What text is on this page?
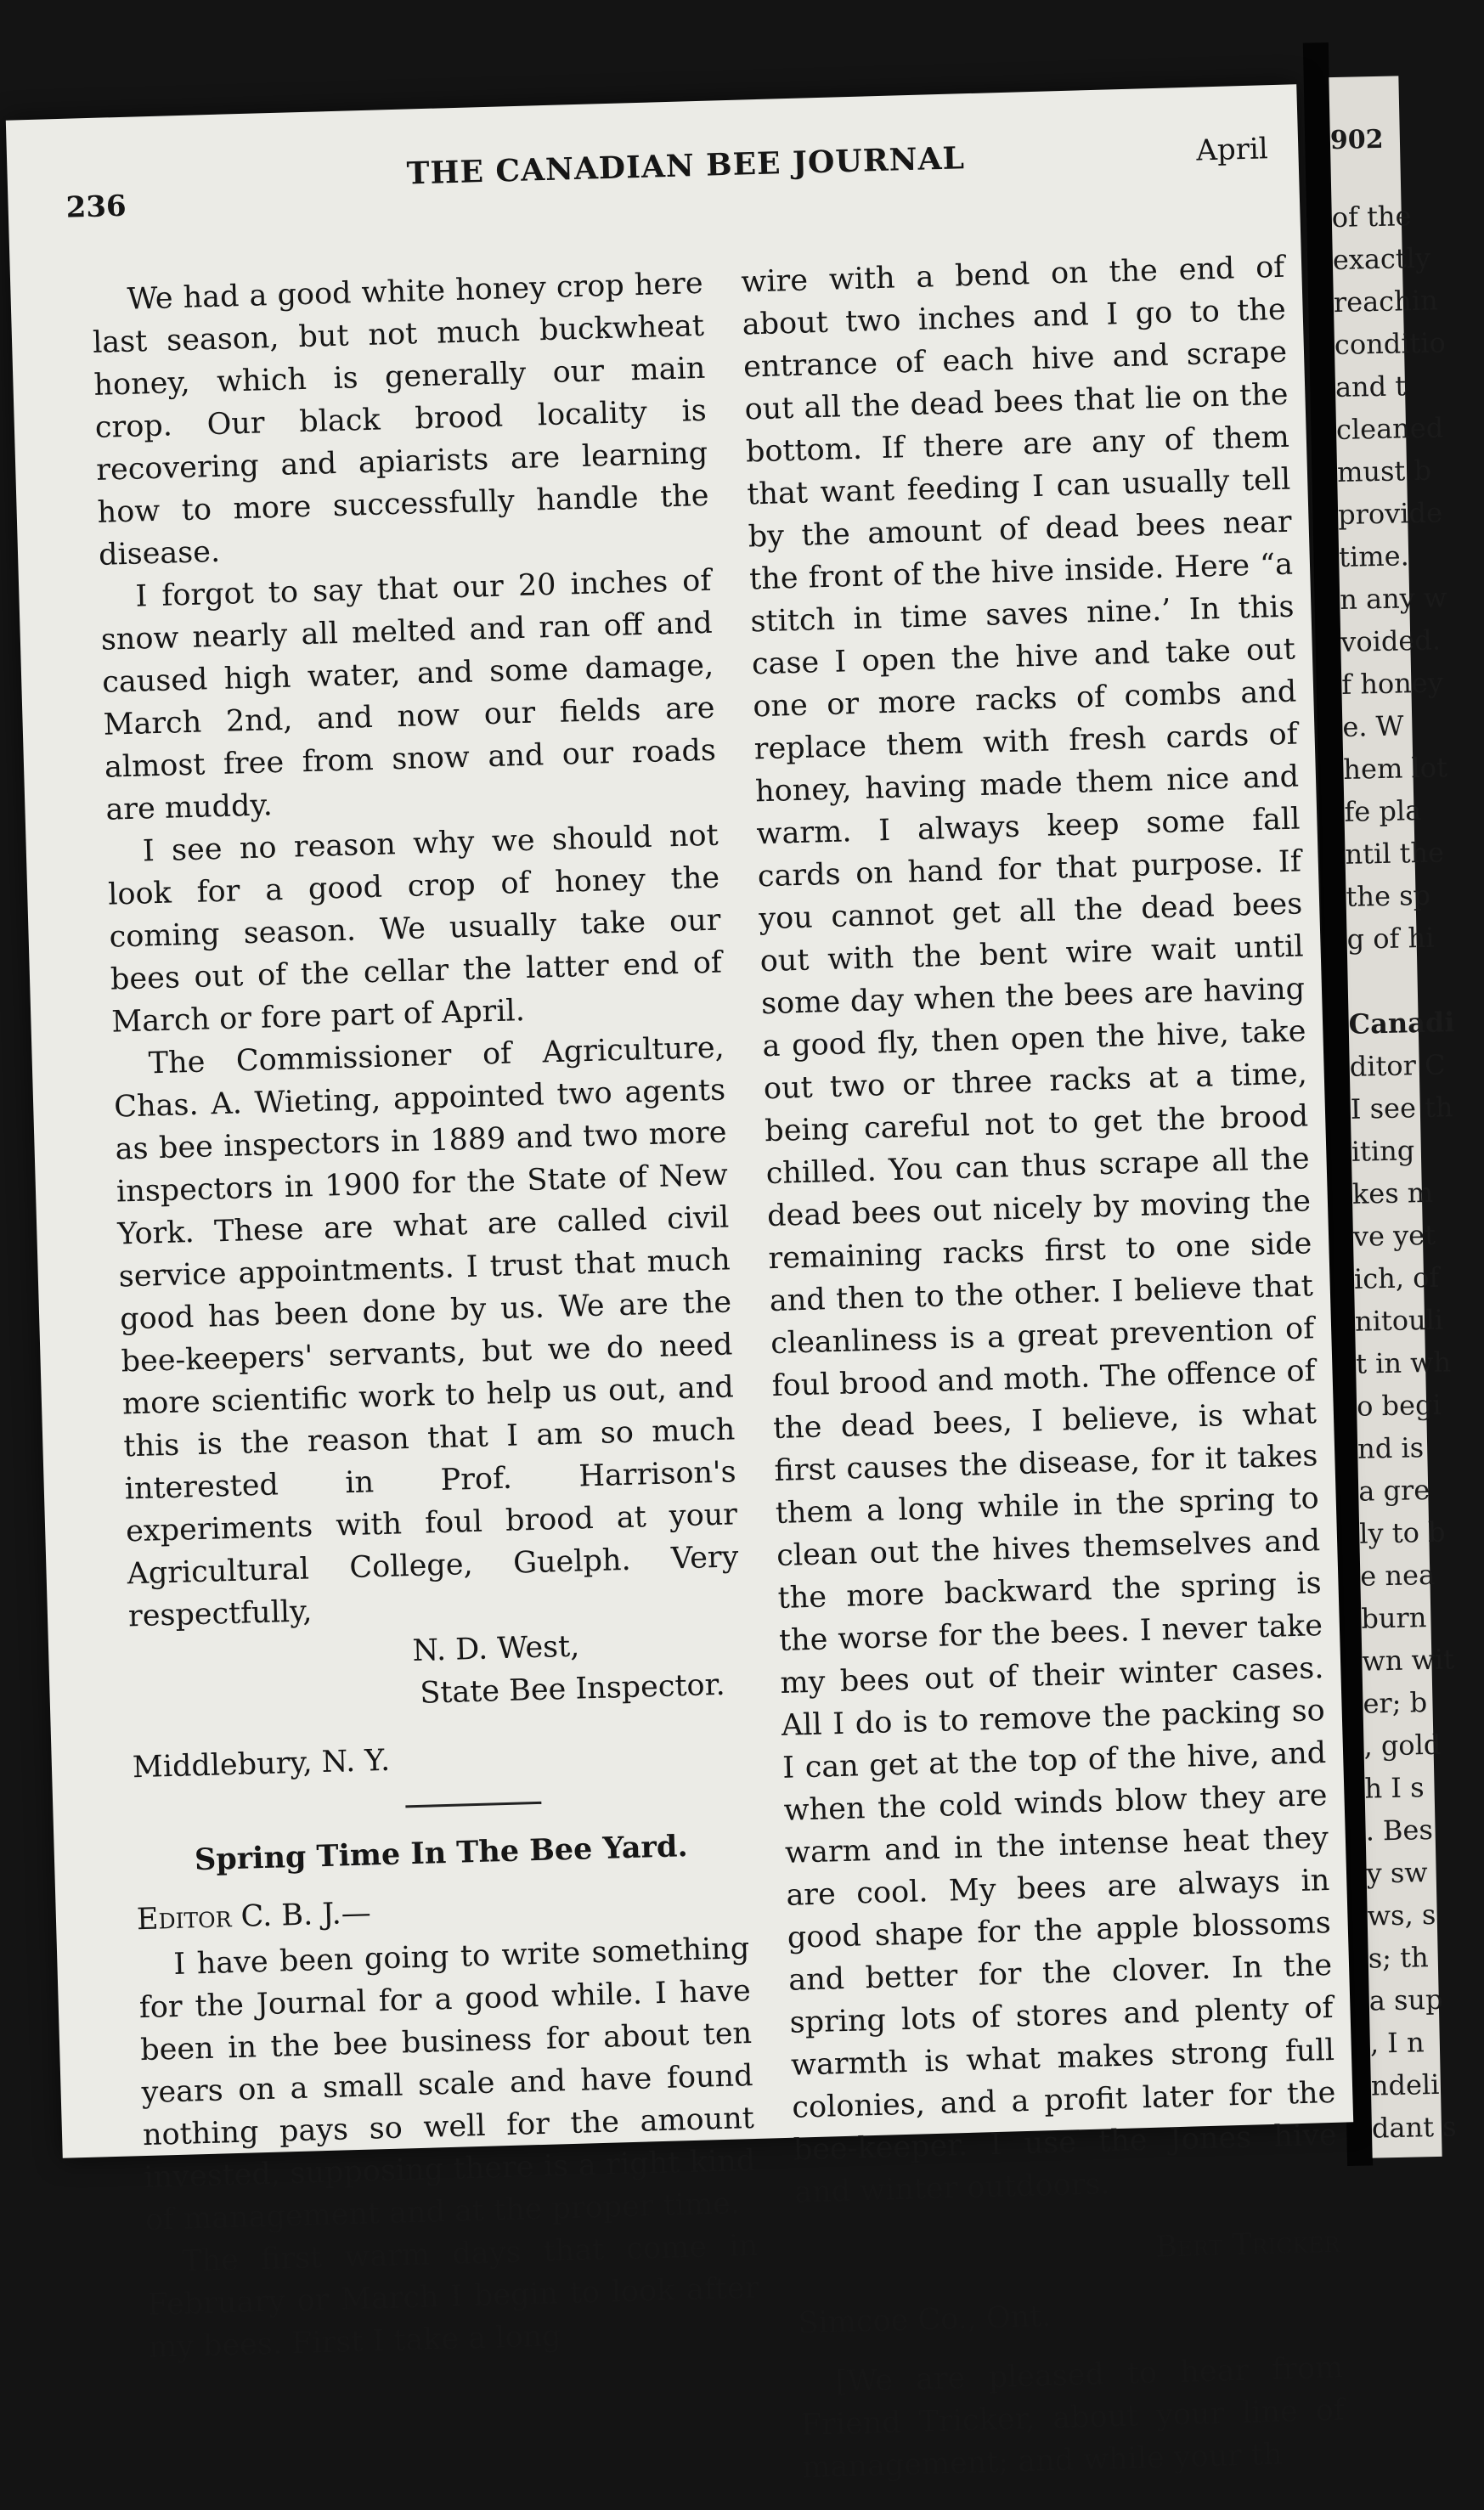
902
of the
exactly
reachin
conditio
and t
cleaned
must b
provide
time.
n any w
voided.
f honey
e. W
hem lot
fe pla
ntil the
the sp
g of hi
Canadi
ditor C
I see th
iting
kes m
ve yet
ich, of
nitouli
t in wh
o begi
nd is
a gre
ly to b
e nea
burn
wn wit
er; b
, gold
h I s
. Bes
y sw
ws, s
s; th
a sup
, I n
ndeli
dant s
236
THE CANADIAN BEE JOURNAL	April

We had a good white honey crop here last season, but not much buckwheat honey, which is generally our main crop. Our black brood locality is recovering and apiarists are learning how to more successfully handle the disease.

I forgot to say that our 20 inches of snow nearly all melted and ran off and caused high water, and some damage, March 2nd, and now our fields are almost free from snow and our roads are muddy.

I see no reason why we should not look for a good crop of honey the coming season. We usually take our bees out of the cellar the latter end of March or fore part of April.

The Commissioner of Agriculture, Chas. A. Wieting, appointed two agents as bee inspectors in 1889 and two more inspectors in 1900 for the State of New York. These are what are called civil service appointments. I trust that much good has been done by us. We are the bee-keepers' servants, but we do need more scientific work to help us out, and this is the reason that I am so much interested in Prof. Harrison's experiments with foul brood at your Agricultural College, Guelph. Very respectfully,

N. D. West,

State Bee Inspector.

Middlebury, N. Y.

Spring Time In The Bee Yard.

Editor C. B. J.—

I have been going to write something for the Journal for a good while. I have been in the bee business for about ten years on a small scale and have found nothing pays so well for the amount invested, supposing there is a right kind of management and at the proper time.

The first warm days that come in February or March I begin to look after my bees. First I take a long

wire with a bend on the end of about two inches and I go to the entrance of each hive and scrape out all the dead bees that lie on the bottom. If there are any of them that want feeding I can usually tell by the amount of dead bees near the front of the hive inside. Here “a stitch in time saves nine.’ In this case I open the hive and take out one or more racks of combs and replace them with fresh cards of honey, having made them nice and warm. I always keep some fall cards on hand for that purpose. If you cannot get all the dead bees out with the bent wire wait until some day when the bees are having a good fly, then open the hive, take out two or three racks at a time, being careful not to get the brood chilled. You can thus scrape all the dead bees out nicely by moving the remaining racks first to one side and then to the other. I believe that cleanliness is a great prevention of foul brood and moth. The offence of the dead bees, I believe, is what first causes the disease, for it takes them a long while in the spring to clean out the hives themselves and the more backward the spring is the worse for the bees. I never take my bees out of their winter cases. All I do is to remove the packing so I can get at the top of the hive, and when the cold winds blow they are warm and in the intense heat they are cool. My bees are always in good shape for the apple blossoms and better for the clover. In the spring lots of stores and plenty of warmth is what makes strong full colonies, and a profit later for the bee-keeper. I use the Jones hive and winter outdoors.

Bert Tricker

Simcoe Co., Ont.

[We are pleased to hear from Friend Tricker, about your line of management; and while your th
